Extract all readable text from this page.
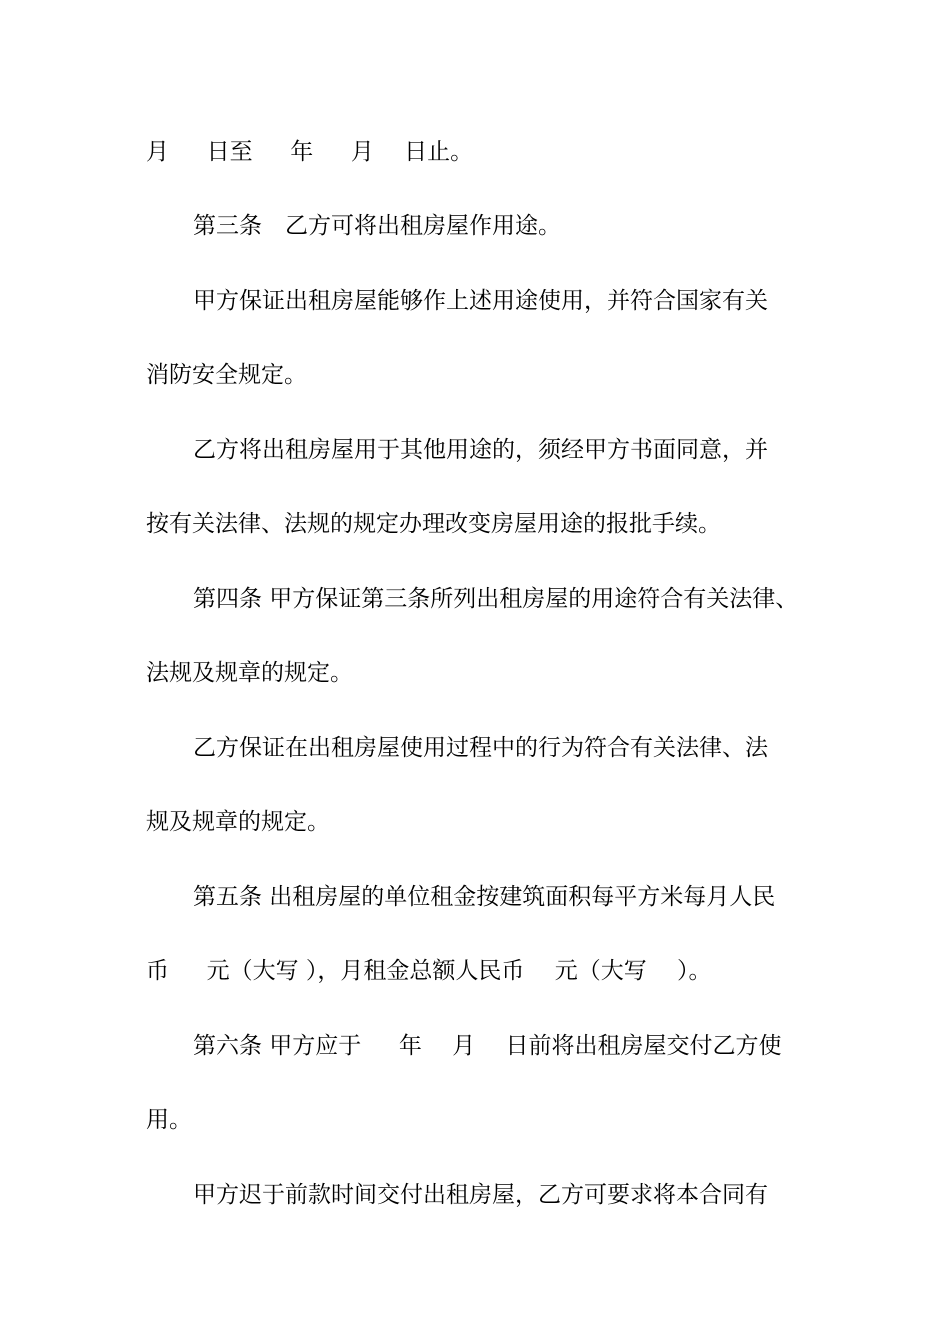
月 　 日至 　 年 　 月 　日止。

第三条　乙方可将出租房屋作用途。

甲方保证出租房屋能够作上述用途使用，并符合国家有关

消防安全规定。

乙方将出租房屋用于其他用途的，须经甲方书面同意，并

按有关法律、法规的规定办理改变房屋用途的报批手续。

第四条 甲方保证第三条所列出租房屋的用途符合有关法律、

法规及规章的规定。

乙方保证在出租房屋使用过程中的行为符合有关法律、法

规及规章的规定。

第五条 出租房屋的单位租金按建筑面积每平方米每月人民

币 　 元（大写 ），月租金总额人民币 　元（大写 　）。

第六条 甲方应于 　 年 　月 　日前将出租房屋交付乙方使

用。

甲方迟于前款时间交付出租房屋，乙方可要求将本合同有
